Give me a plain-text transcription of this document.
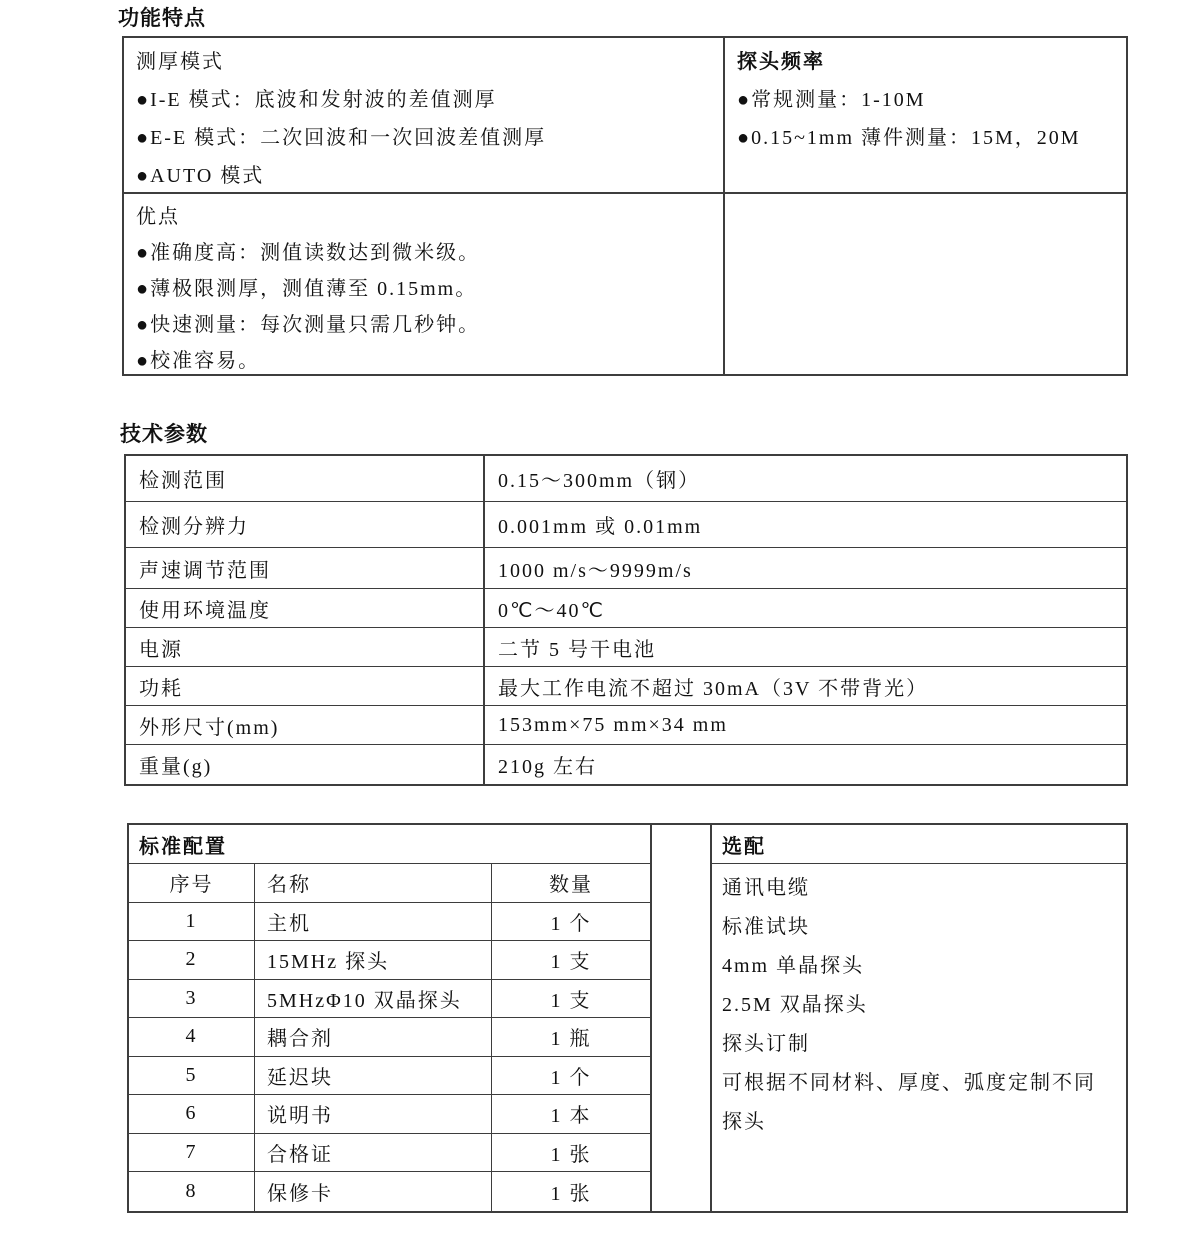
功能特点
测厚模式
●I-E 模式：底波和发射波的差值测厚
●E-E 模式：二次回波和一次回波差值测厚
●AUTO 模式
探头频率
●常规测量：1-10M
●0.15~1mm 薄件测量：15M，20M
优点
●准确度高：测值读数达到微米级。
●薄极限测厚，测值薄至 0.15mm。
●快速测量：每次测量只需几秒钟。
●校准容易。
技术参数
检测范围	0.15～300mm（钢）
检测分辨力	0.001mm 或 0.01mm
声速调节范围	1000 m/s～9999m/s
使用环境温度	0℃～40℃
电源	二节 5 号干电池
功耗	最大工作电流不超过 30mA（3V 不带背光）
外形尺寸(mm)	153mm×75 mm×34 mm
重量(g)	210g 左右
标准配置
序号	名称	数量
1	主机	1 个
2	15MHz 探头	1 支
3	5MHzΦ10 双晶探头	1 支
4	耦合剂	1 瓶
5	延迟块	1 个
6	说明书	1 本
7	合格证	1 张
8	保修卡	1 张
选配
通讯电缆
标准试块
4mm 单晶探头
2.5M 双晶探头
探头订制
可根据不同材料、厚度、弧度定制不同探头
